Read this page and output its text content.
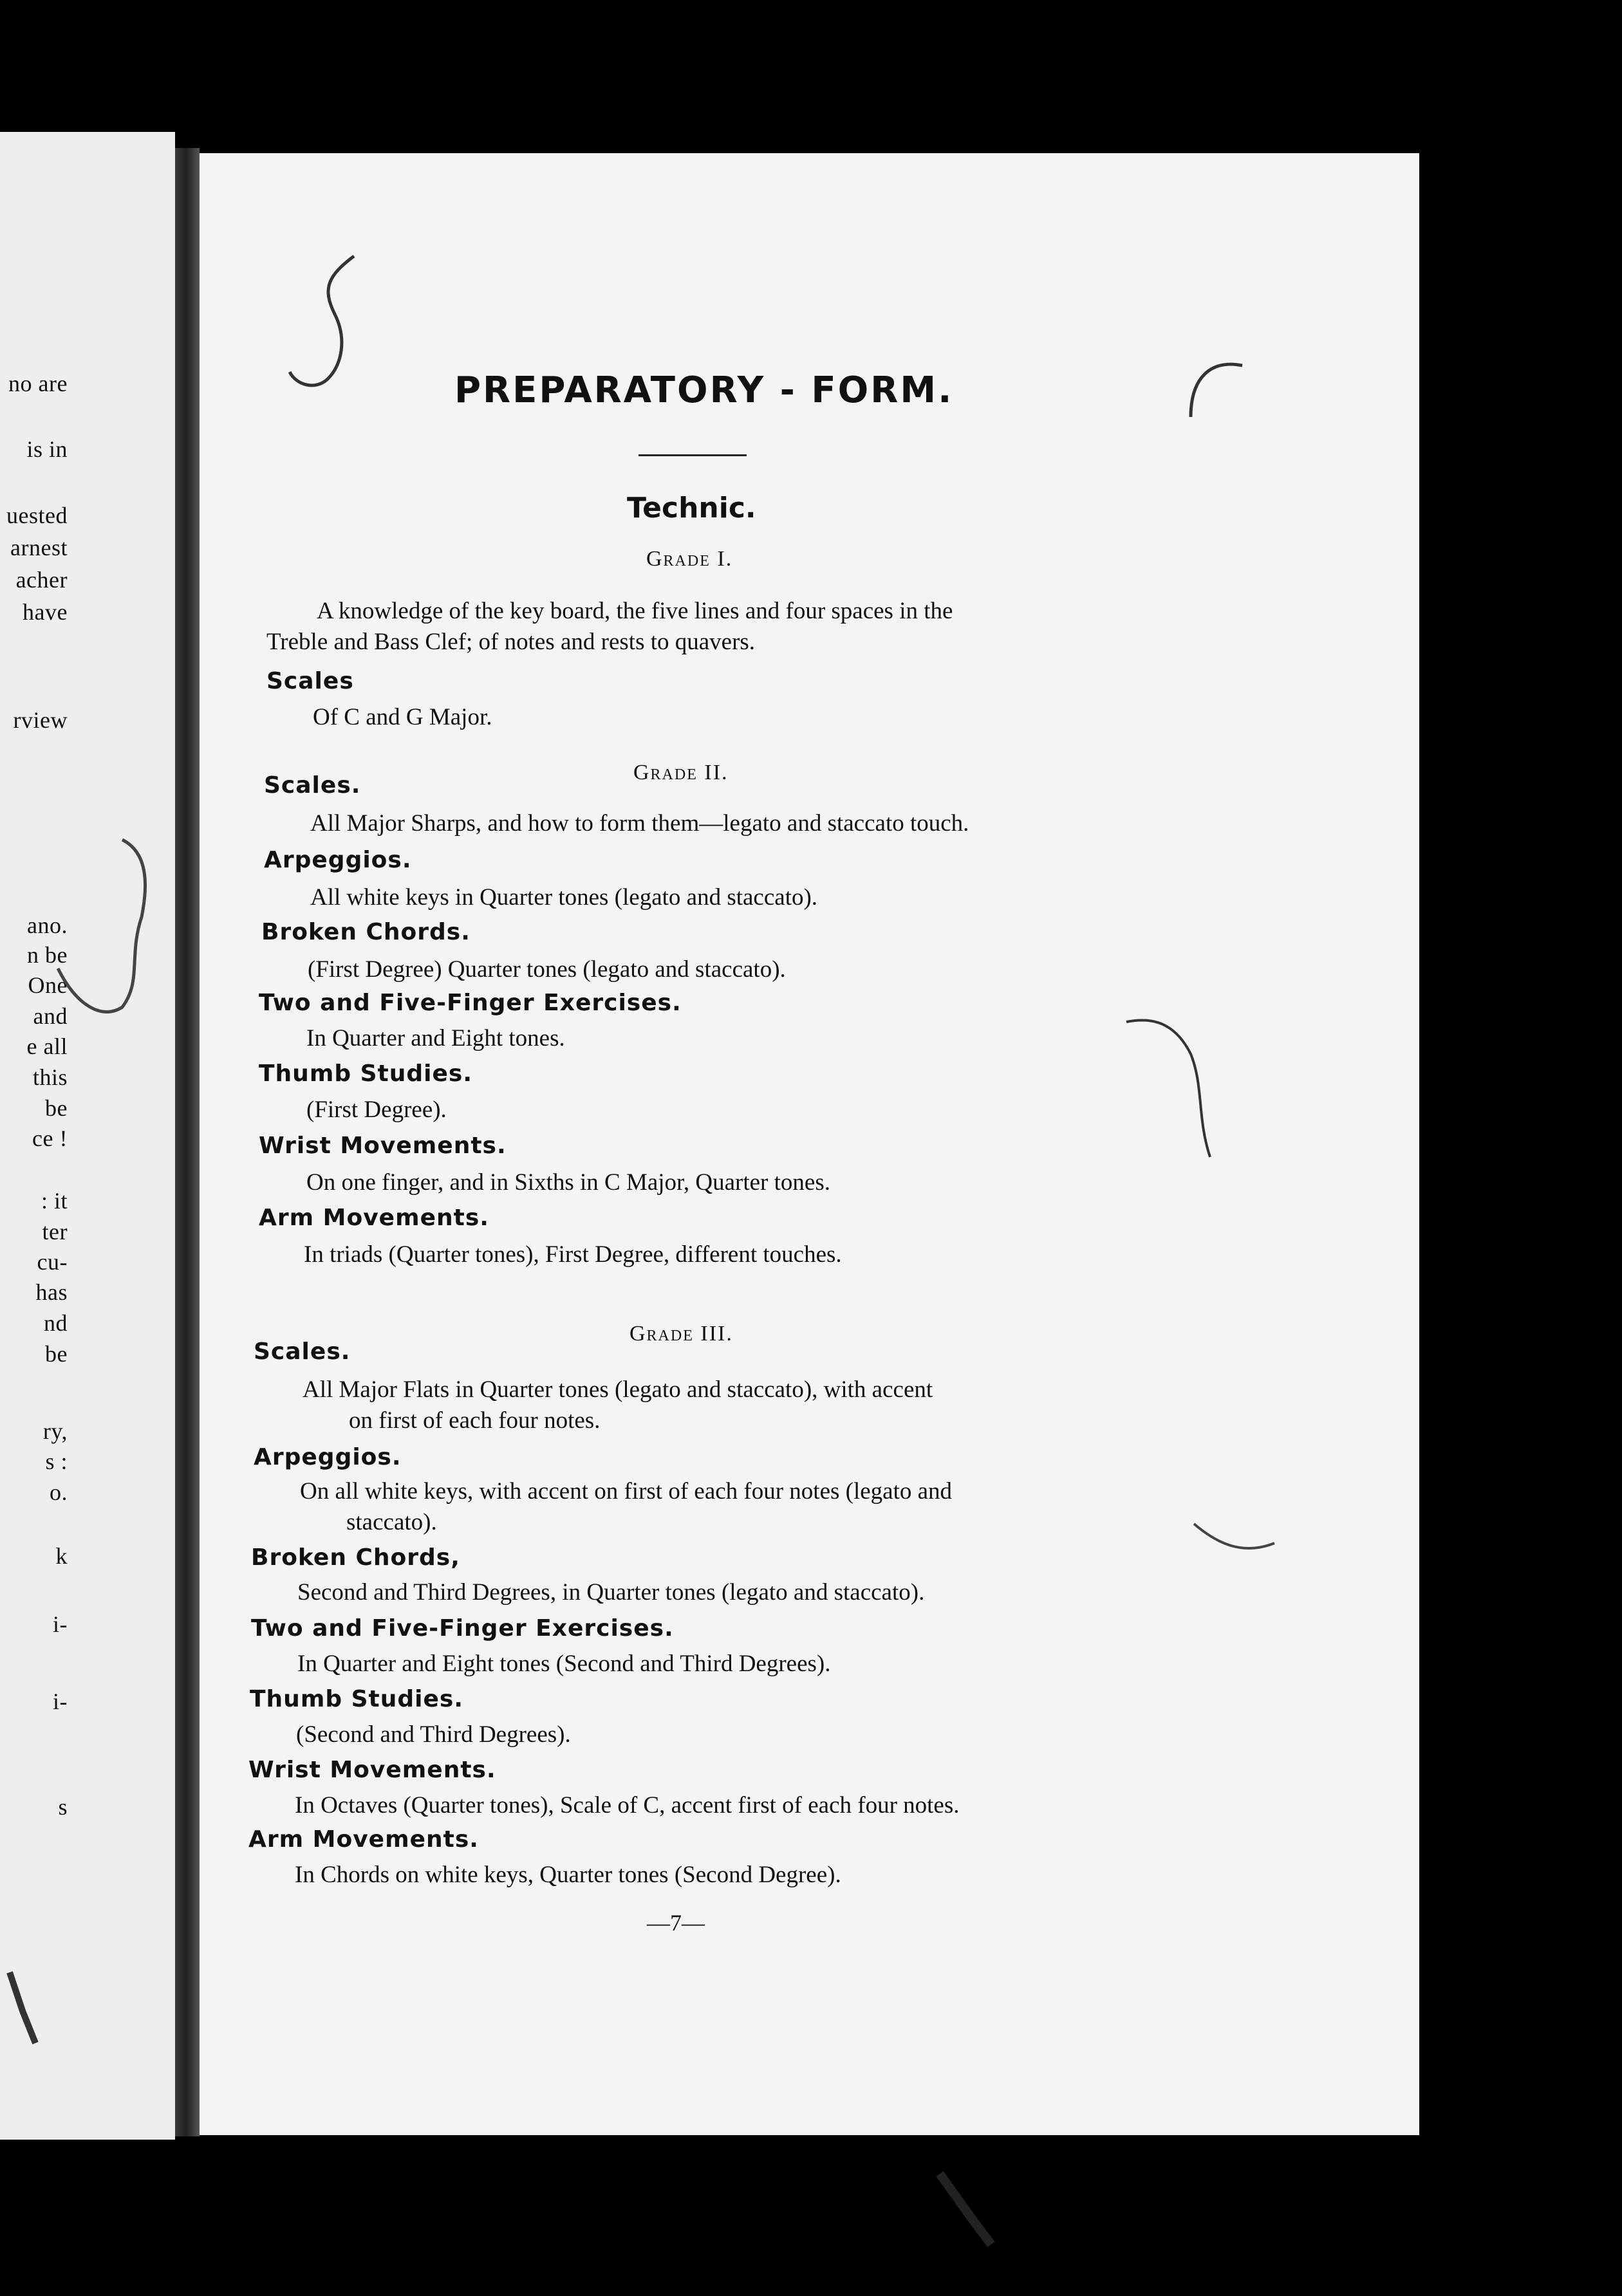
no are
is in
uested
arnest
acher
have
rview
ano.
n be
One
and
e all
this
be
ce !
: it
ter
cu-
has
nd
be
ry,
s :
o.
k
i-
i-
s
PREPARATORY - FORM.
Technic.
Grade I.
A knowledge of the key board, the five lines and four spaces in the
Treble and Bass Clef; of notes and rests to quavers.
Scales
Of C and G Major.
Grade II.
Scales.
All Major Sharps, and how to form them—legato and staccato touch.
Arpeggios.
All white keys in Quarter tones (legato and staccato).
Broken Chords.
(First Degree) Quarter tones (legato and staccato).
Two and Five-Finger Exercises.
In Quarter and Eight tones.
Thumb Studies.
(First Degree).
Wrist Movements.
On one finger, and in Sixths in C Major, Quarter tones.
Arm Movements.
In triads (Quarter tones), First Degree, different touches.
Grade III.
Scales.
All Major Flats in Quarter tones (legato and staccato), with accent
on first of each four notes.
Arpeggios.
On all white keys, with accent on first of each four notes (legato and
staccato).
Broken Chords,
Second and Third Degrees, in Quarter tones (legato and staccato).
Two and Five-Finger Exercises.
In Quarter and Eight tones (Second and Third Degrees).
Thumb Studies.
(Second and Third Degrees).
Wrist Movements.
In Octaves (Quarter tones), Scale of C, accent first of each four notes.
Arm Movements.
In Chords on white keys, Quarter tones (Second Degree).
—7—
